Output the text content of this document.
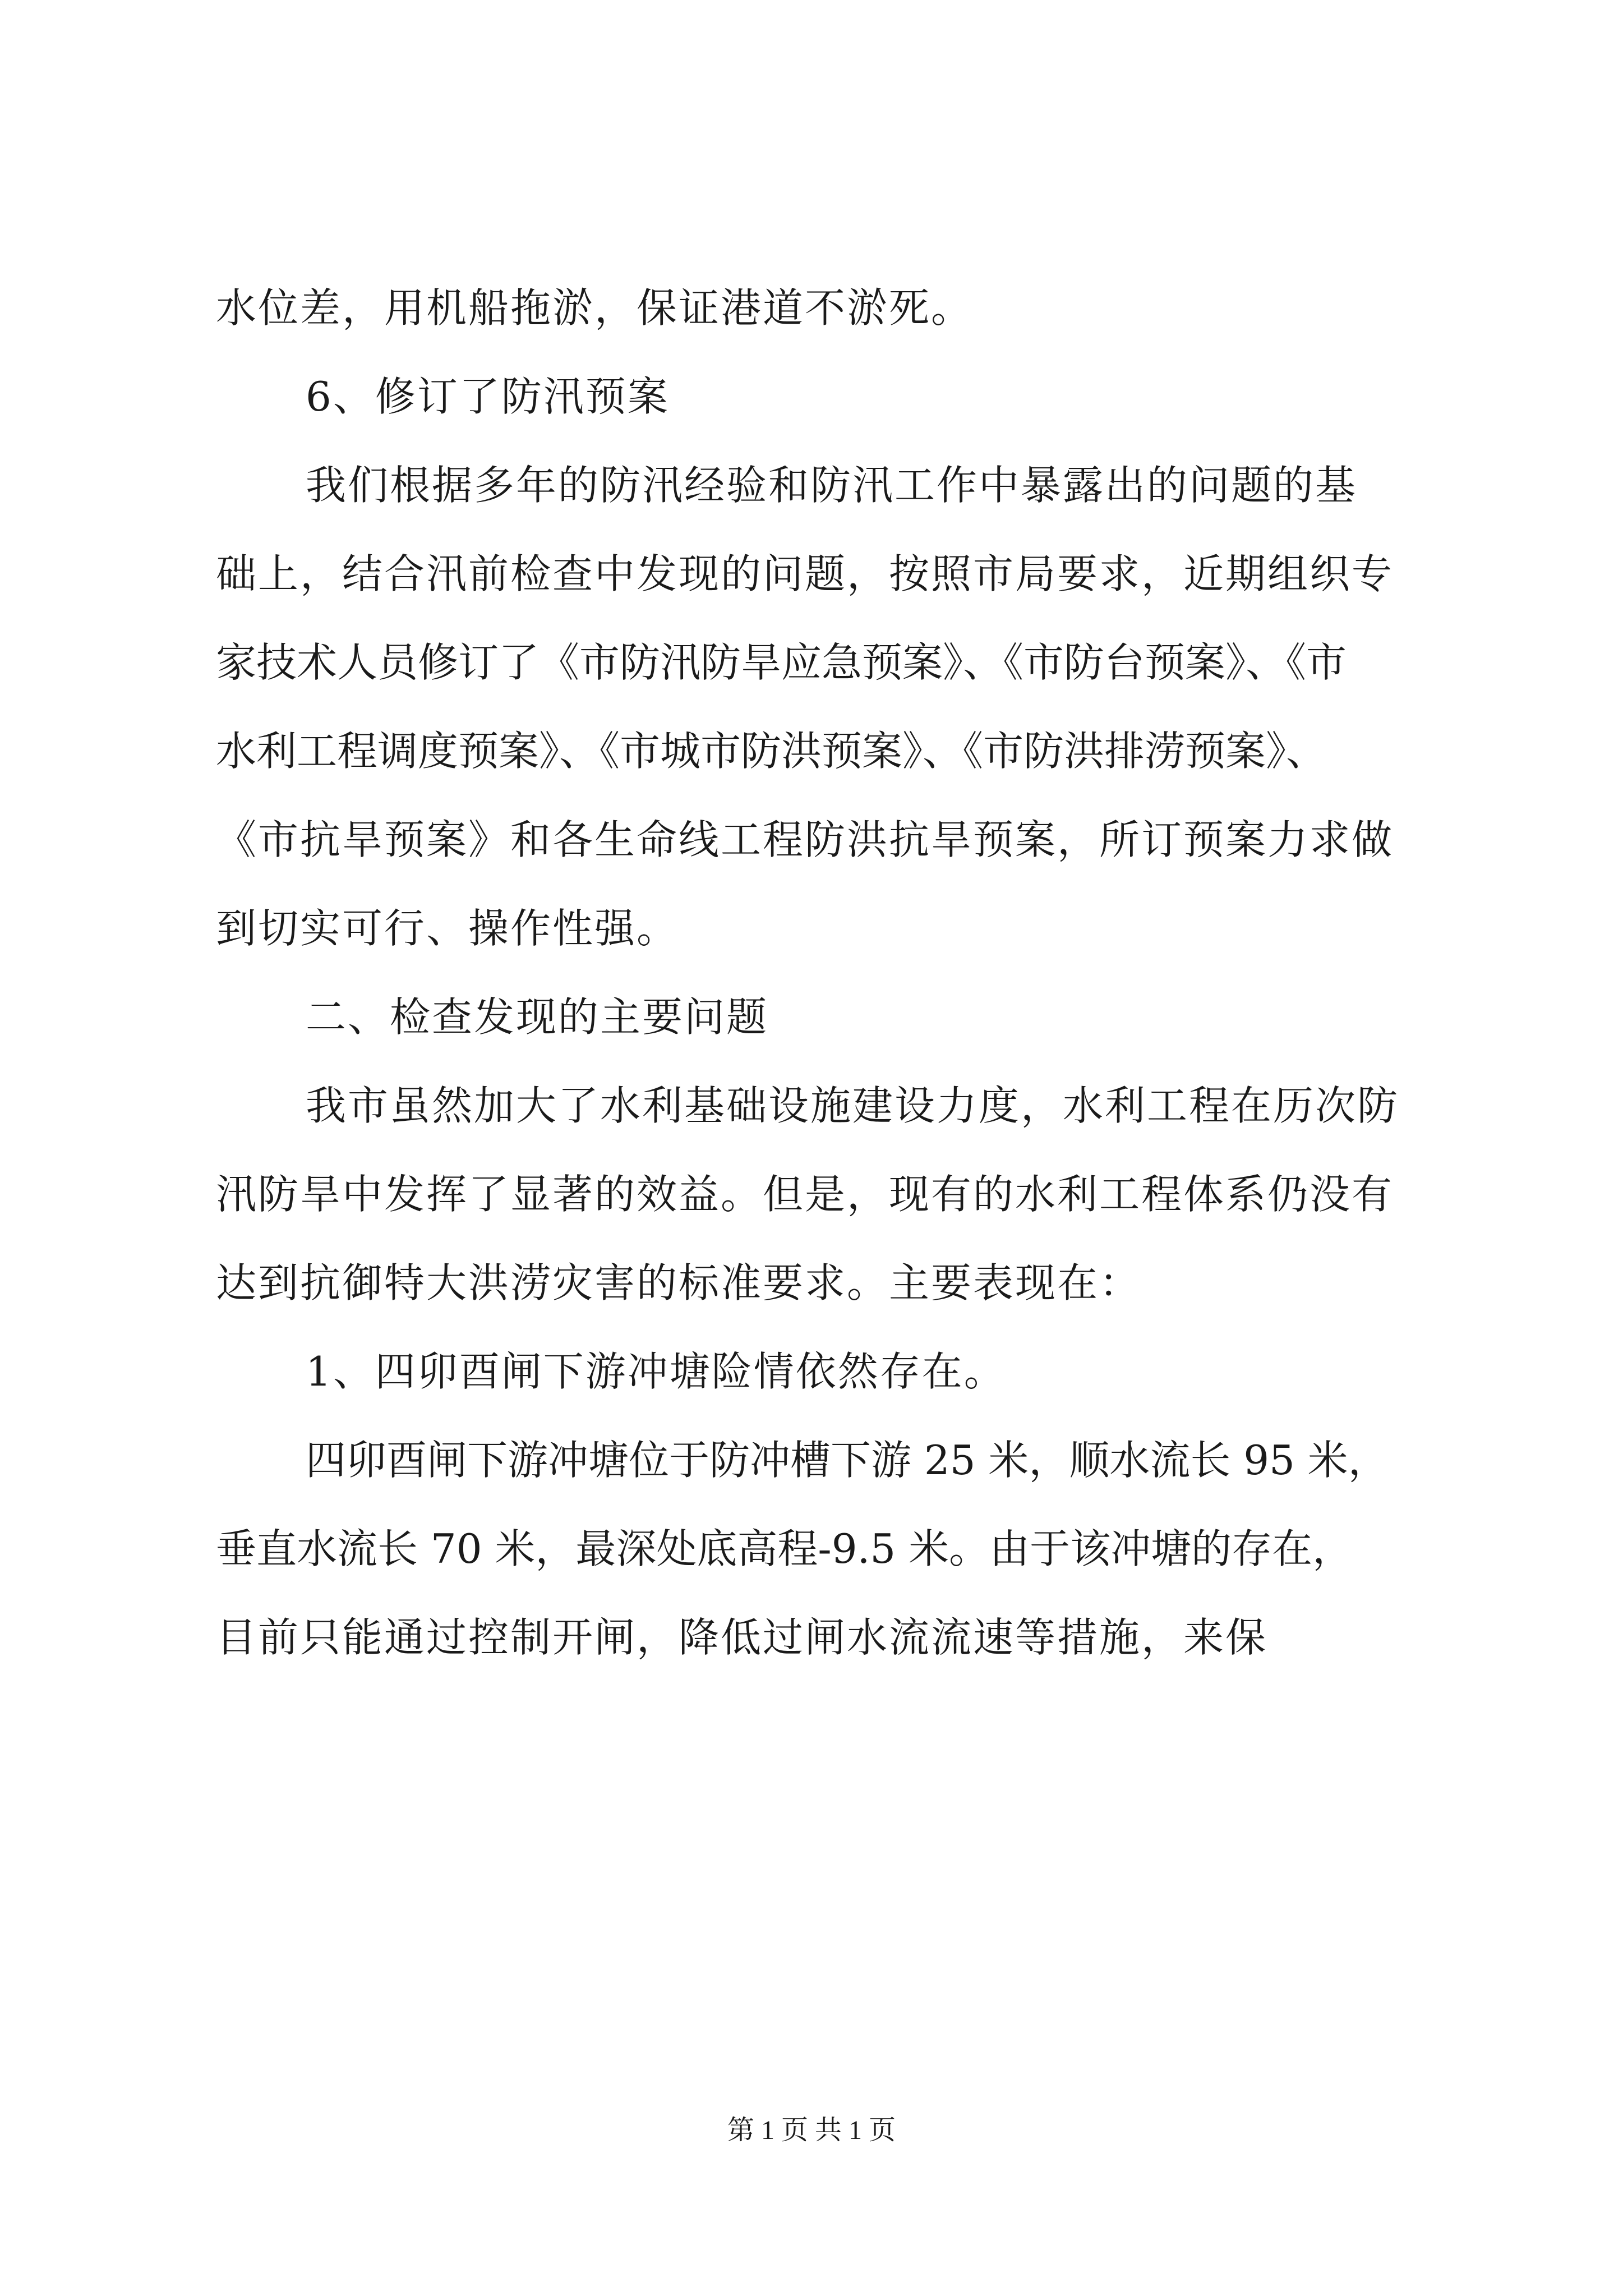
水位差，用机船拖淤，保证港道不淤死。
6、修订了防汛预案
我们根据多年的防汛经验和防汛工作中暴露出的问题的基
础上，结合汛前检查中发现的问题，按照市局要求，近期组织专
家技术人员修订了《市防汛防旱应急预案》、《市防台预案》、《市
水利工程调度预案》、《市城市防洪预案》、《市防洪排涝预案》、
《市抗旱预案》和各生命线工程防洪抗旱预案，所订预案力求做
到切实可行、操作性强。
二、检查发现的主要问题
我市虽然加大了水利基础设施建设力度，水利工程在历次防
汛防旱中发挥了显著的效益。但是，现有的水利工程体系仍没有
达到抗御特大洪涝灾害的标准要求。主要表现在：
1、四卯酉闸下游冲塘险情依然存在。
四卯酉闸下游冲塘位于防冲槽下游 25 米，顺水流长 95 米，
垂直水流长 70 米，最深处底高程-9.5 米。由于该冲塘的存在，
目前只能通过控制开闸，降低过闸水流流速等措施，来保
第 1 页 共 1 页
